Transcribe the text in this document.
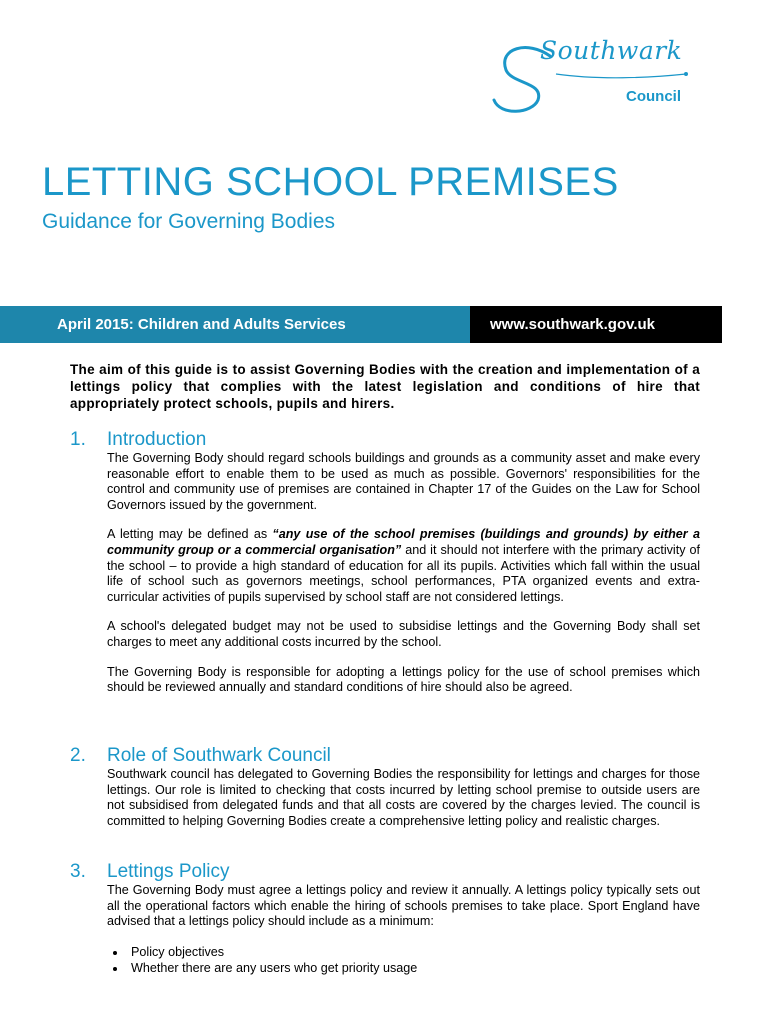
Southwark
Council
LETTING SCHOOL PREMISES
Guidance for Governing Bodies
April 2015: Children and Adults Services	www.southwark.gov.uk
The aim of this guide is to assist Governing Bodies with the creation and implementation of a lettings policy that complies with the latest legislation and conditions of hire that appropriately protect schools, pupils and hirers.
1. Introduction

The Governing Body should regard schools buildings and grounds as a community asset and make every reasonable effort to enable them to be used as much as possible. Governors' responsibilities for the control and community use of premises are contained in Chapter 17 of the Guides on the Law for School Governors issued by the government.

A letting may be defined as “any use of the school premises (buildings and grounds) by either a community group or a commercial organisation” and it should not interfere with the primary activity of the school – to provide a high standard of education for all its pupils. Activities which fall within the usual life of school such as governors meetings, school performances, PTA organized events and extra-curricular activities of pupils supervised by school staff are not considered lettings.

A school's delegated budget may not be used to subsidise lettings and the Governing Body shall set charges to meet any additional costs incurred by the school.

The Governing Body is responsible for adopting a lettings policy for the use of school premises which should be reviewed annually and standard conditions of hire should also be agreed.

2. Role of Southwark Council

Southwark council has delegated to Governing Bodies the responsibility for lettings and charges for those lettings. Our role is limited to checking that costs incurred by letting school premise to outside users are not subsidised from delegated funds and that all costs are covered by the charges levied. The council is committed to helping Governing Bodies create a comprehensive letting policy and realistic charges.

3. Lettings Policy

The Governing Body must agree a lettings policy and review it annually. A lettings policy typically sets out all the operational factors which enable the hiring of schools premises to take place. Sport England have advised that a lettings policy should include as a minimum:

• Policy objectives
• Whether there are any users who get priority usage
